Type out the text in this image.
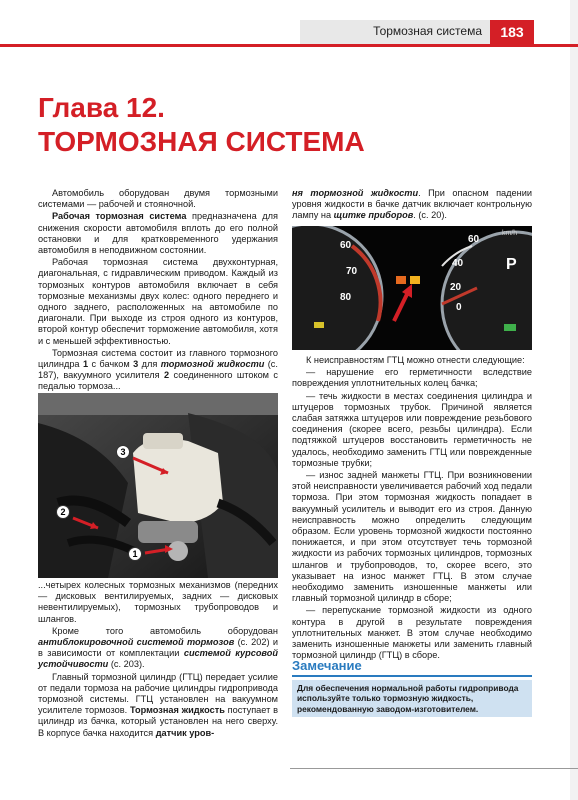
Тормозная система	183
Глава 12.
ТОРМОЗНАЯ СИСТЕМА

Автомобиль оборудован двумя тормозными системами — рабочей и стояночной.

Рабочая тормозная система предназначена для снижения скорости автомобиля вплоть до его полной остановки и для кратковременного удержания автомобиля в неподвижном состоянии.

Рабочая тормозная система двухконтурная, диагональная, с гидравлическим приводом. Каждый из тормозных контуров автомобиля включает в себя тормозные механизмы двух колес: одного переднего и одного заднего, расположенных на автомобиле по диагонали. При выходе из строя одного из контуров, второй контур обеспечит торможение автомобиля, хотя и с меньшей эффективностью.

Тормозная система состоит из главного тормозного цилиндра 1 с бачком 3 для тормозной жидкости (с. 187), вакуумного усилителя 2 соединенного штоком с педалью тормоза...

3
2
1

...четырех колесных тормозных механизмов (передних — дисковых вентилируемых, задних — дисковых невентилируемых), тормозных трубопроводов и шлангов.

Кроме того автомобиль оборудован антиблокировочной системой тормозов (с. 202) и в зависимости от комплектации системой курсовой устойчивости (с. 203).

Главный тормозной цилиндр (ГТЦ) передает усилие от педали тормоза на рабочие цилиндры гидропривода тормозной системы. ГТЦ установлен на вакуумном усилителе тормозов. Тормозная жидкость поступает в цилиндр из бачка, который установлен на него сверху. В корпусе бачка находится датчик уров-

ня тормозной жидкости. При опасном падении уровня жидкости в бачке датчик включает контрольную лампу на щитке приборов. (с. 20).

60
70
80
60
40
20
0
km/h
P

К неисправностям ГТЦ можно отнести следующие:

— нарушение его герметичности вследствие повреждения уплотнительных колец бачка;

— течь жидкости в местах соединения цилиндра и штуцеров тормозных трубок. Причиной является слабая затяжка штуцеров или повреждение резьбового соединения (скорее всего, резьбы цилиндра). Если подтяжкой штуцеров восстановить герметичность не удалось, необходимо заменить ГТЦ или поврежденные тормозные трубки;

— износ задней манжеты ГТЦ. При возникновении этой неисправности увеличивается рабочий ход педали тормоза. При этом тормозная жидкость попадает в вакуумный усилитель и выводит его из строя. Данную неисправность можно определить следующим образом. Если уровень тормозной жидкости постоянно понижается, и при этом отсутствует течь тормозной жидкости из рабочих тормозных цилиндров, тормозных шлангов и трубопроводов, то, скорее всего, это указывает на износ манжет ГТЦ. В этом случае необходимо заменить изношенные манжеты или главный тормозной цилиндр в сборе;

— перепускание тормозной жидкости из одного контура в другой в результате повреждения уплотнительных манжет. В этом случае необходимо заменить изношенные манжеты или заменить главный тормозной цилиндр (ГТЦ) в сборе.

Замечание
Для обеспечения нормальной работы гидропривода используйте только тормозную жидкость, рекомендованную заводом-изготовителем.
